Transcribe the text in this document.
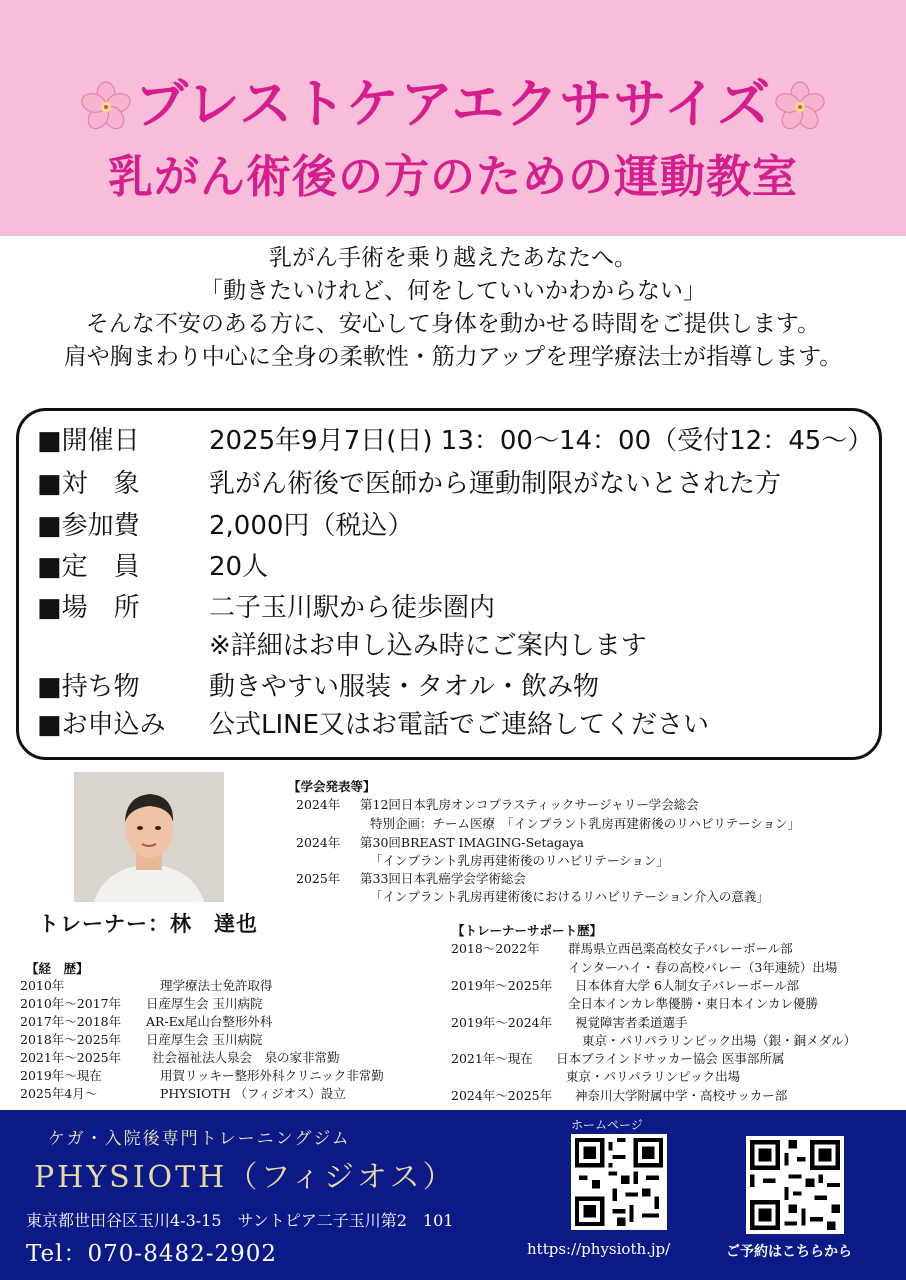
ブレストケアエクササイズ
乳がん術後の方のための運動教室
乳がん手術を乗り越えたあなたへ。
「動きたいけれど、何をしていいかわからない」
そんな不安のある方に、安心して身体を動かせる時間をご提供します。
肩や胸まわり中心に全身の柔軟性・筋力アップを理学療法士が指導します。
■開催日	2025年9月7日(日) 13：00〜14：00（受付12：45〜）
■対　象	乳がん術後で医師から運動制限がないとされた方
■参加費	2,000円（税込）
■定　員	20人
■場　所	二子玉川駅から徒歩圏内
※詳細はお申し込み時にご案内します
■持ち物	動きやすい服装・タオル・飲み物
■お申込み	公式LINE又はお電話でご連絡してください
トレーナー：林　達也
【学会発表等】
2024年 第12回日本乳房オンコプラスティックサージャリー学会総会
特別企画：チーム医療　「インプラント乳房再建術後のリハビリテーション」
2024年 第30回BREAST IMAGING-Setagaya
「インプラント乳房再建術後のリハビリテーション」
2025年 第33回日本乳癌学会学術総会
「インプラント乳房再建術後におけるリハビリテーション介入の意義」
【経　歴】
2010年	理学療法士免許取得
2010年〜2017年 日産厚生会 玉川病院
2017年〜2018年 AR-Ex尾山台整形外科
2018年〜2025年 日産厚生会 玉川病院
2021年〜2025年 社会福祉法人泉会　泉の家非常勤
2019年〜現在	用賀リッキー整形外科クリニック非常勤
2025年4月〜	PHYSIOTH （フィジオス）設立
【トレーナーサポート歴】
2018〜2022年 群馬県立西邑楽高校女子バレーボール部
インターハイ・春の高校バレー（3年連続）出場
2019年〜2025年 日本体育大学 6人制女子バレーボール部
全日本インカレ準優勝・東日本インカレ優勝
2019年〜2024年 視覚障害者柔道選手
東京・パリパラリンピック出場（銀・銅メダル）
2021年〜現在 日本ブラインドサッカー協会 医事部所属
東京・パリパラリンピック出場
2024年〜2025年 神奈川大学附属中学・高校サッカー部
ケガ・入院後専門トレーニングジム
PHYSIOTH（フィジオス）
東京都世田谷区玉川4-3-15　サントピア二子玉川第2　101
Tel：070-8482-2902
ホームページ
https://physioth.jp/	ご予約はこちらから
